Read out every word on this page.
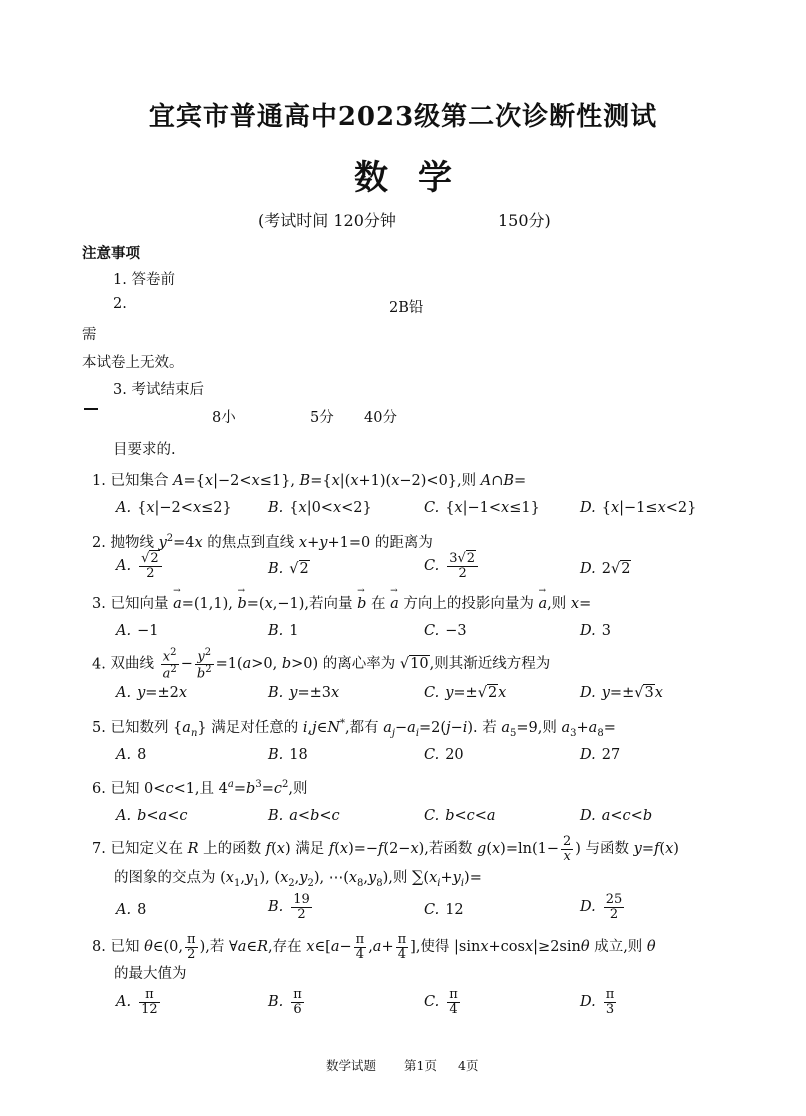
宜宾市普通高中2023级第二次诊断性测试
数学
(考试时间 120分钟	150分)
注意事项
1. 答卷前
2.	2B铅
需
本试卷上无效。
3. 考试结束后
8小	5分 40分
目要求的.
1. 已知集合 A={x|−2<x≤1}, B={x|(x+1)(x−2)<0},则 A∩B=
A. {x|−2<x≤2}	B. {x|0<x<2}	C. {x|−1<x≤1}	D. {x|−1≤x<2}
2. 抛物线 $y^2=4x$ 的焦点到直线 x+y+1=0 的距离为
A. $\frac{√2}{2}$	B. √2	C. $\frac{3√2}{2}$	D. 2√2
3. 已知向量 → a=(1,1), → b=(x,−1),若向量 → b 在 → a 方向上的投影向量为 → a,则 x=
A. −1	B. 1	C. −3	D. 3
4. 双曲线 $\frac{x^2}{a^2} - \frac{y^2}{b^2} =1(a>0$, b>0) 的离心率为 √10,则其渐近线方程为
A. y=±2x	B. y=±3x	C. y=±√2x	D. y=±√3x
5. 已知数列 $\{a_n\}$ 满足对任意的 i,j∈N*,都有 $a_j-a_i=2(j-i)$. 若 $a_5=9$,则 $a_3+a_8=$
A. 8	B. 18	C. 20	D. 27
6. 已知 0<c<1,且 $4^a=b^3=c^2$,则
A. b<a<c	B. a<b<c	C. b<c<a	D. a<c<b
7. 已知定义在 R 上的函数 f(x) 满足 f(x)=−f(2−x),若函数 $g(x)=\ln(1- \frac{2}{x}$ ) 与函数 y=f(x)
的图象的交点为 $(x_1,y_1)$, $(x_2,y_2)$, $\cdots(x_8,y_8)$,则 $\sum(x_i+y_i)=$
A. 8	B. $\frac{19}{2}$	C. 12	D. $\frac{25}{2}$
8. 已知 θ∈(0, $\frac{\pi}{2}$ ),若 ∀a∈R,存在 x∈[a− $\frac{\pi}{4} ,a+ \frac{\pi}{4}$ ],使得 |sinx+cosx|≥2sinθ 成立,则 θ
的最大值为
A. $\frac{\pi}{12}$	B. $\frac{\pi}{6}$	C. $\frac{\pi}{4}$	D. $\frac{\pi}{3}$
数学试题 第1页 4页
